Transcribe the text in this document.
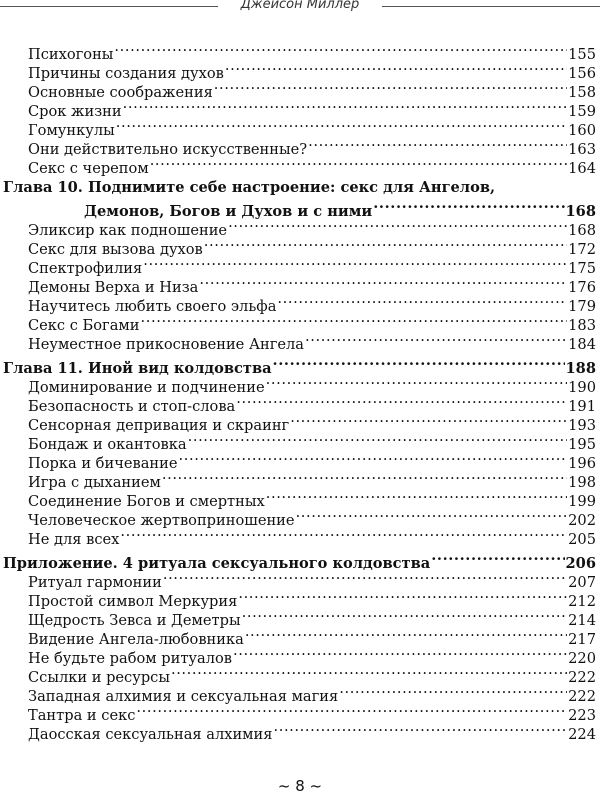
Джейсон Миллер
Психогоны .....	155
Причины создания духов .....	156
Основные соображения .....	158
Срок жизни .....	159
Гомункулы .....	160
Они действительно искусственные? .....	163
Секс с черепом .....	164
Глава 10. Поднимите себе настроение: секс для Ангелов,
Демонов, Богов и Духов и с ними .....	168
Эликсир как подношение .....	168
Секс для вызова духов .....	172
Спектрофилия .....	175
Демоны Верха и Низа .....	176
Научитесь любить своего эльфа .....	179
Секс с Богами .....	183
Неуместное прикосновение Ангела .....	184
Глава 11. Иной вид колдовства .....	188
Доминирование и подчинение .....	190
Безопасность и стоп-слова .....	191
Сенсорная депривация и скраинг .....	193
Бондаж и окантовка .....	195
Порка и бичевание .....	196
Игра с дыханием .....	198
Соединение Богов и смертных .....	199
Человеческое жертвоприношение .....	202
Не для всех .....	205
Приложение. 4 ритуала сексуального колдовства .....	206
Ритуал гармонии .....	207
Простой символ Меркурия .....	212
Щедрость Зевса и Деметры .....	214
Видение Ангела-любовника .....	217
Не будьте рабом ритуалов .....	220
Ссылки и ресурсы .....	222
Западная алхимия и сексуальная магия .....	222
Тантра и секс .....	223
Даосская сексуальная алхимия .....	224
~ 8 ~
